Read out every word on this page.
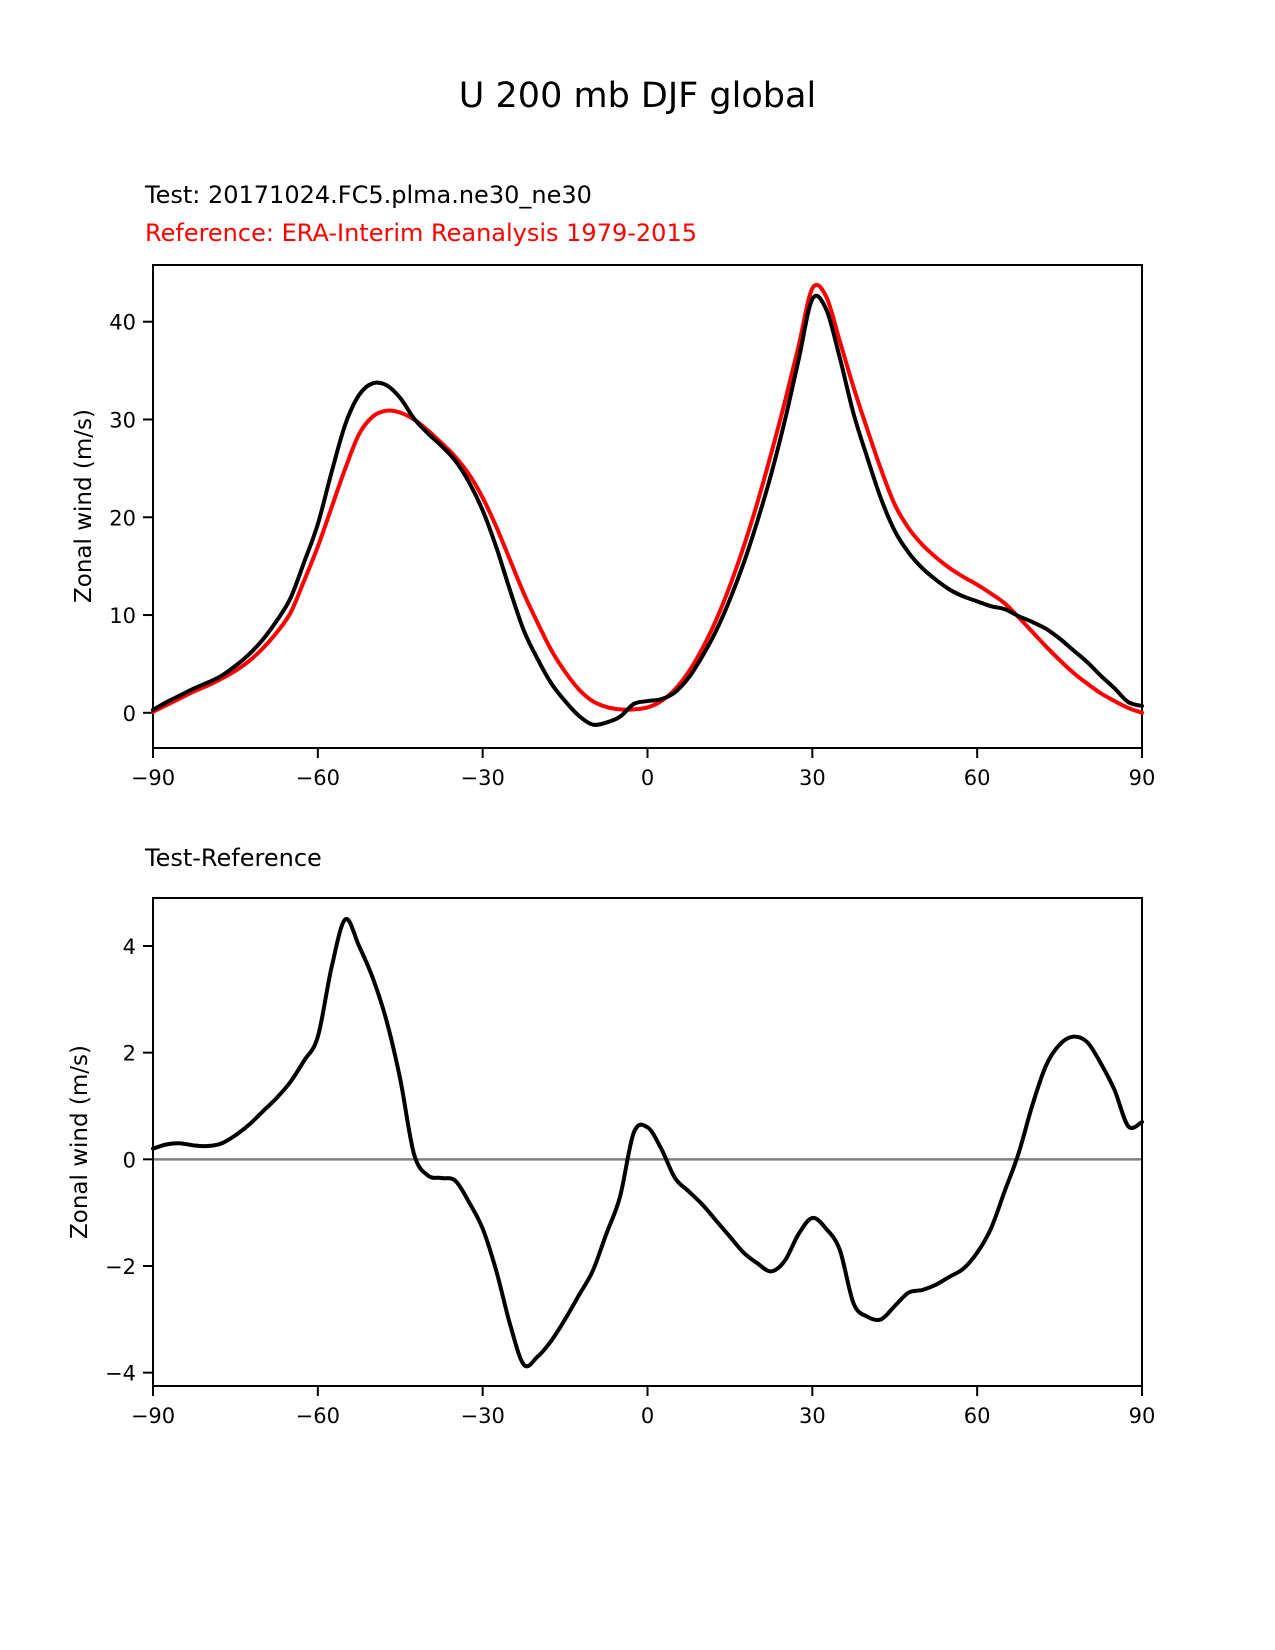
U 200 mb DJF global
Test: 20171024.FC5.plma.ne30_ne30
Reference: ERA-Interim Reanalysis 1979-2015
Zonal wind (m/s)
Test-Reference
Zonal wind (m/s)
−90	−60	−30	0	30	60	90
0
10
20
30
40
−90	−60	−30	0	30	60	90
−4
−2
0
2
4
